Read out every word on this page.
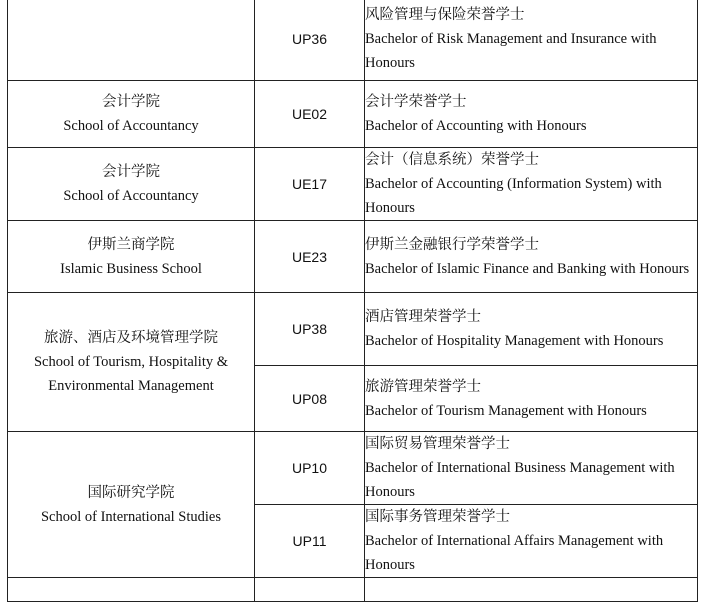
	UP36	风险管理与保险荣誉学士
Bachelor of Risk Management and Insurance with Honours

会计学院
School of Accountancy	UE02	会计学荣誉学士
Bachelor of Accounting with Honours

会计学院
School of Accountancy	UE17	会计（信息系统）荣誉学士
Bachelor of Accounting (Information System) with Honours

伊斯兰商学院
Islamic Business School	UE23	伊斯兰金融银行学荣誉学士
Bachelor of Islamic Finance and Banking with Honours

旅游、酒店及环境管理学院
School of Tourism, Hospitality & Environmental Management	UP38	酒店管理荣誉学士
Bachelor of Hospitality Management with Honours

	UP08	旅游管理荣誉学士
Bachelor of Tourism Management with Honours

国际研究学院
School of International Studies	UP10	国际贸易管理荣誉学士
Bachelor of International Business Management with Honours

	UP11	国际事务管理荣誉学士
Bachelor of International Affairs Management with Honours
